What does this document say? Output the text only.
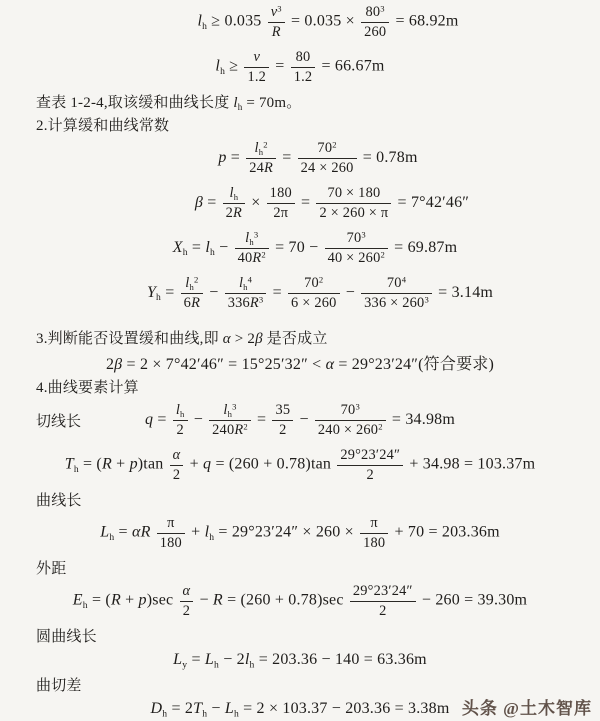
$l_h \ge 0.035 \frac{v^3}{R} = 0.035 \times \frac{80^3}{260} = 68.92m$
$l_h \ge \frac{v}{1.2} = \frac{80}{1.2} = 66.67m$
查表 1-2-4,取该缓和曲线长度 $l_h = 70m$。
2.计算缓和曲线常数
$p = \frac{l_h^2}{24R} = \frac{70^2}{24 \times 260} = 0.78m$
$\beta = \frac{l_h}{2R} \times \frac{180}{2\pi} = \frac{70 \times 180}{2 \times 260 \times \pi} = 7^\circ 42'46''$
$X_h = l_h - \frac{l_h^3}{40R^2} = 70 - \frac{70^3}{40 \times 260^2} = 69.87m$
$Y_h = \frac{l_h^2}{6R} - \frac{l_h^4}{336R^3} = \frac{70^2}{6 \times 260} - \frac{70^4}{336 \times 260^3} = 3.14m$
3.判断能否设置缓和曲线,即 α > 2β 是否成立
2β = 2 × 7°42′46″ = 15°25′32″ < α = 29°23′24″(符合要求)
4.曲线要素计算
切线长	$q = \frac{l_h}{2} - \frac{l_h^3}{240R^2} = \frac{35}{2} - \frac{70^3}{240 \times 260^2} = 34.98m$
$T_h = (R + p)\tan \frac{\alpha}{2} + q = (260 + 0.78)\tan \frac{29^\circ 23'24''}{2} + 34.98 = 103.37m$
曲线长
$L_h = \alpha R \frac{\pi}{180} + l_h = 29^\circ 23'24'' \times 260 \times \frac{\pi}{180} + 70 = 203.36m$
外距
$E_h = (R + p)\sec \frac{\alpha}{2} - R = (260 + 0.78)\sec \frac{29^\circ 23'24''}{2} - 260 = 39.30m$
圆曲线长
$L_y = L_h - 2l_h = 203.36 - 140 = 63.36m$
曲切差
$D_h = 2T_h - L_h = 2 \times 103.37 - 203.36 = 3.38m$ 头条 @土木智库
